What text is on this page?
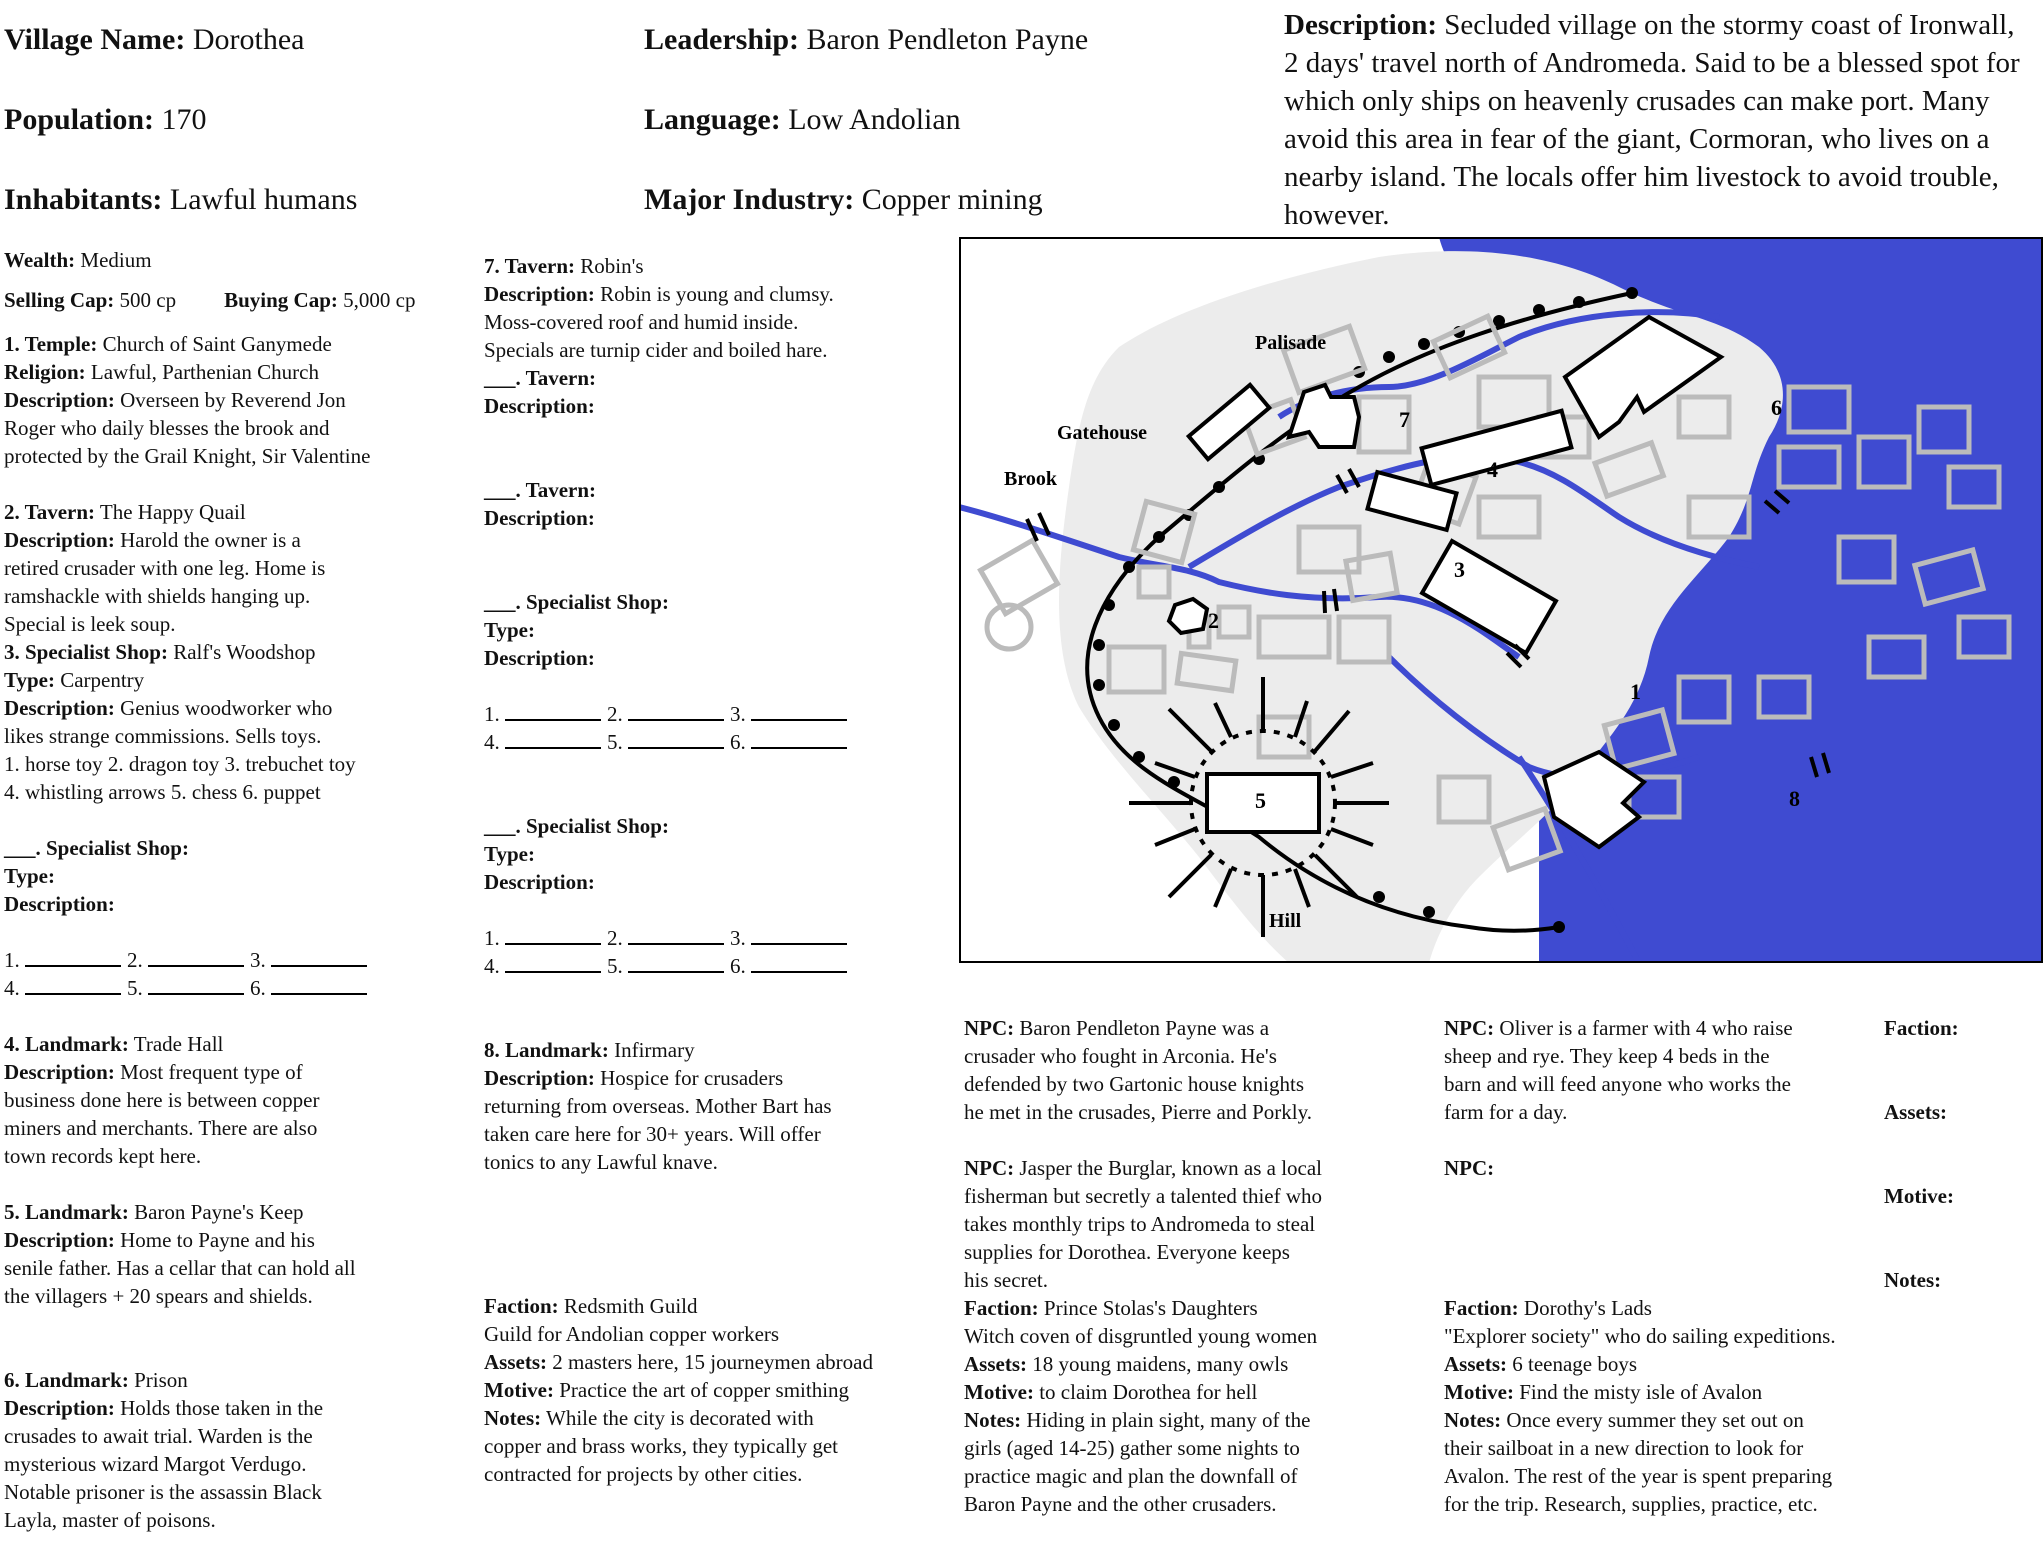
Village Name: Dorothea
Population: 170
Inhabitants: Lawful humans
Leadership: Baron Pendleton Payne
Language: Low Andolian
Major Industry: Copper mining
Description: Secluded village on the stormy coast of Ironwall, 2 days' travel north of Andromeda. Said to be a blessed spot for which only ships on heavenly crusades can make port. Many avoid this area in fear of the giant, Cormoran, who lives on a nearby island. The locals offer him livestock to avoid trouble, however.
Wealth: Medium
Selling Cap: 500 cp Buying Cap: 5,000 cp
1. Temple: Church of Saint Ganymede
Religion: Lawful, Parthenian Church
Description: Overseen by Reverend Jon
Roger who daily blesses the brook and
protected by the Grail Knight, Sir Valentine
2. Tavern: The Happy Quail
Description: Harold the owner is a
retired crusader with one leg. Home is
ramshackle with shields hanging up.
Special is leek soup.
3. Specialist Shop: Ralf's Woodshop
Type: Carpentry
Description: Genius woodworker who
likes strange commissions. Sells toys.
1. horse toy 2. dragon toy 3. trebuchet toy
4. whistling arrows 5. chess 6. puppet
___. Specialist Shop:
Type:
Description:
1.	2.	3.
4.	5.	6.
4. Landmark: Trade Hall
Description: Most frequent type of
business done here is between copper
miners and merchants. There are also
town records kept here.
5. Landmark: Baron Payne's Keep
Description: Home to Payne and his
senile father. Has a cellar that can hold all
the villagers + 20 spears and shields.
6. Landmark: Prison
Description: Holds those taken in the
crusades to await trial. Warden is the
mysterious wizard Margot Verdugo.
Notable prisoner is the assassin Black
Layla, master of poisons.
7. Tavern: Robin's
Description: Robin is young and clumsy.
Moss-covered roof and humid inside.
Specials are turnip cider and boiled hare.
___. Tavern:
Description:
___. Tavern:
Description:
___. Specialist Shop:
Type:
Description:
1.	2.	3.
4.	5.	6.
___. Specialist Shop:
Type:
Description:
1.	2.	3.
4.	5.	6.
8. Landmark: Infirmary
Description: Hospice for crusaders
returning from overseas. Mother Bart has
taken care here for 30+ years. Will offer
tonics to any Lawful knave.
Faction: Redsmith Guild
Guild for Andolian copper workers
Assets: 2 masters here, 15 journeymen abroad
Motive: Practice the art of copper smithing
Notes: While the city is decorated with
copper and brass works, they typically get
contracted for projects by other cities.
NPC: Baron Pendleton Payne was a
crusader who fought in Arconia. He's
defended by two Gartonic house knights
he met in the crusades, Pierre and Porkly.
NPC: Jasper the Burglar, known as a local
fisherman but secretly a talented thief who
takes monthly trips to Andromeda to steal
supplies for Dorothea. Everyone keeps
his secret.
Faction: Prince Stolas's Daughters
Witch coven of disgruntled young women
Assets: 18 young maidens, many owls
Motive: to claim Dorothea for hell
Notes: Hiding in plain sight, many of the
girls (aged 14-25) gather some nights to
practice magic and plan the downfall of
Baron Payne and the other crusaders.
NPC: Oliver is a farmer with 4 who raise
sheep and rye. They keep 4 beds in the
barn and will feed anyone who works the
farm for a day.
NPC:
Faction: Dorothy's Lads
"Explorer society" who do sailing expeditions.
Assets: 6 teenage boys
Motive: Find the misty isle of Avalon
Notes: Once every summer they set out on
their sailboat in a new direction to look for
Avalon. The rest of the year is spent preparing
for the trip. Research, supplies, practice, etc.
Faction:
Assets:
Motive:
Notes:
Palisade
Gatehouse
Brook
Hill
1
2
3
4
5
6
7
8
